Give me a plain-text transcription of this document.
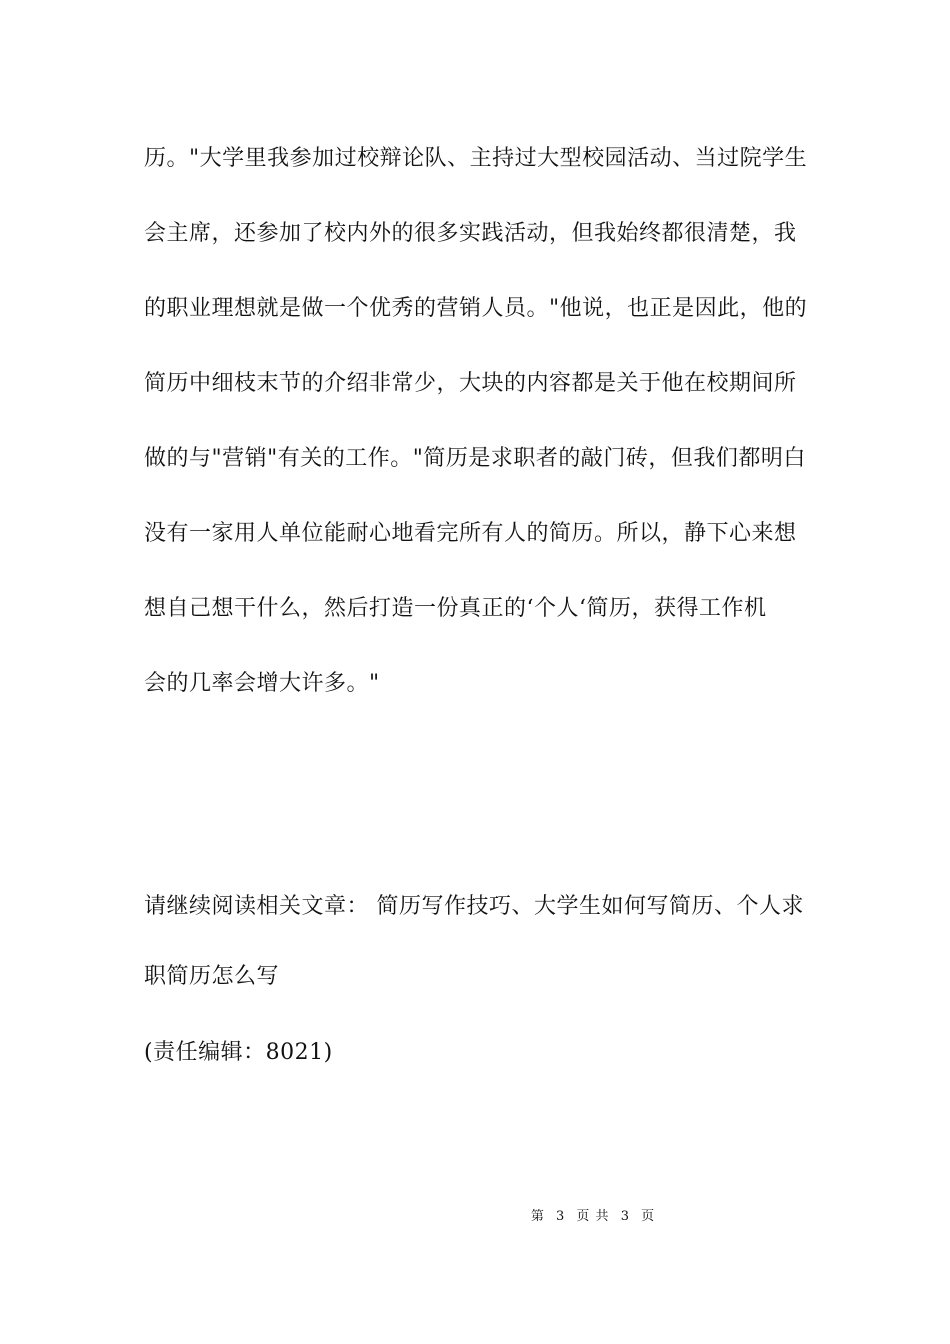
历。"大学里我参加过校辩论队、主持过大型校园活动、当过院学生
会主席，还参加了校内外的很多实践活动，但我始终都很清楚，我
的职业理想就是做一个优秀的营销人员。"他说，也正是因此，他的
简历中细枝末节的介绍非常少，大块的内容都是关于他在校期间所
做的与"营销"有关的工作。"简历是求职者的敲门砖，但我们都明白
没有一家用人单位能耐心地看完所有人的简历。所以，静下心来想
想自己想干什么，然后打造一份真正的‘个人‘简历，获得工作机
会的几率会增大许多。"
请继续阅读相关文章： 简历写作技巧、大学生如何写简历、个人求
职简历怎么写
(责任编辑：8021)
第 3 页 共 3 页
